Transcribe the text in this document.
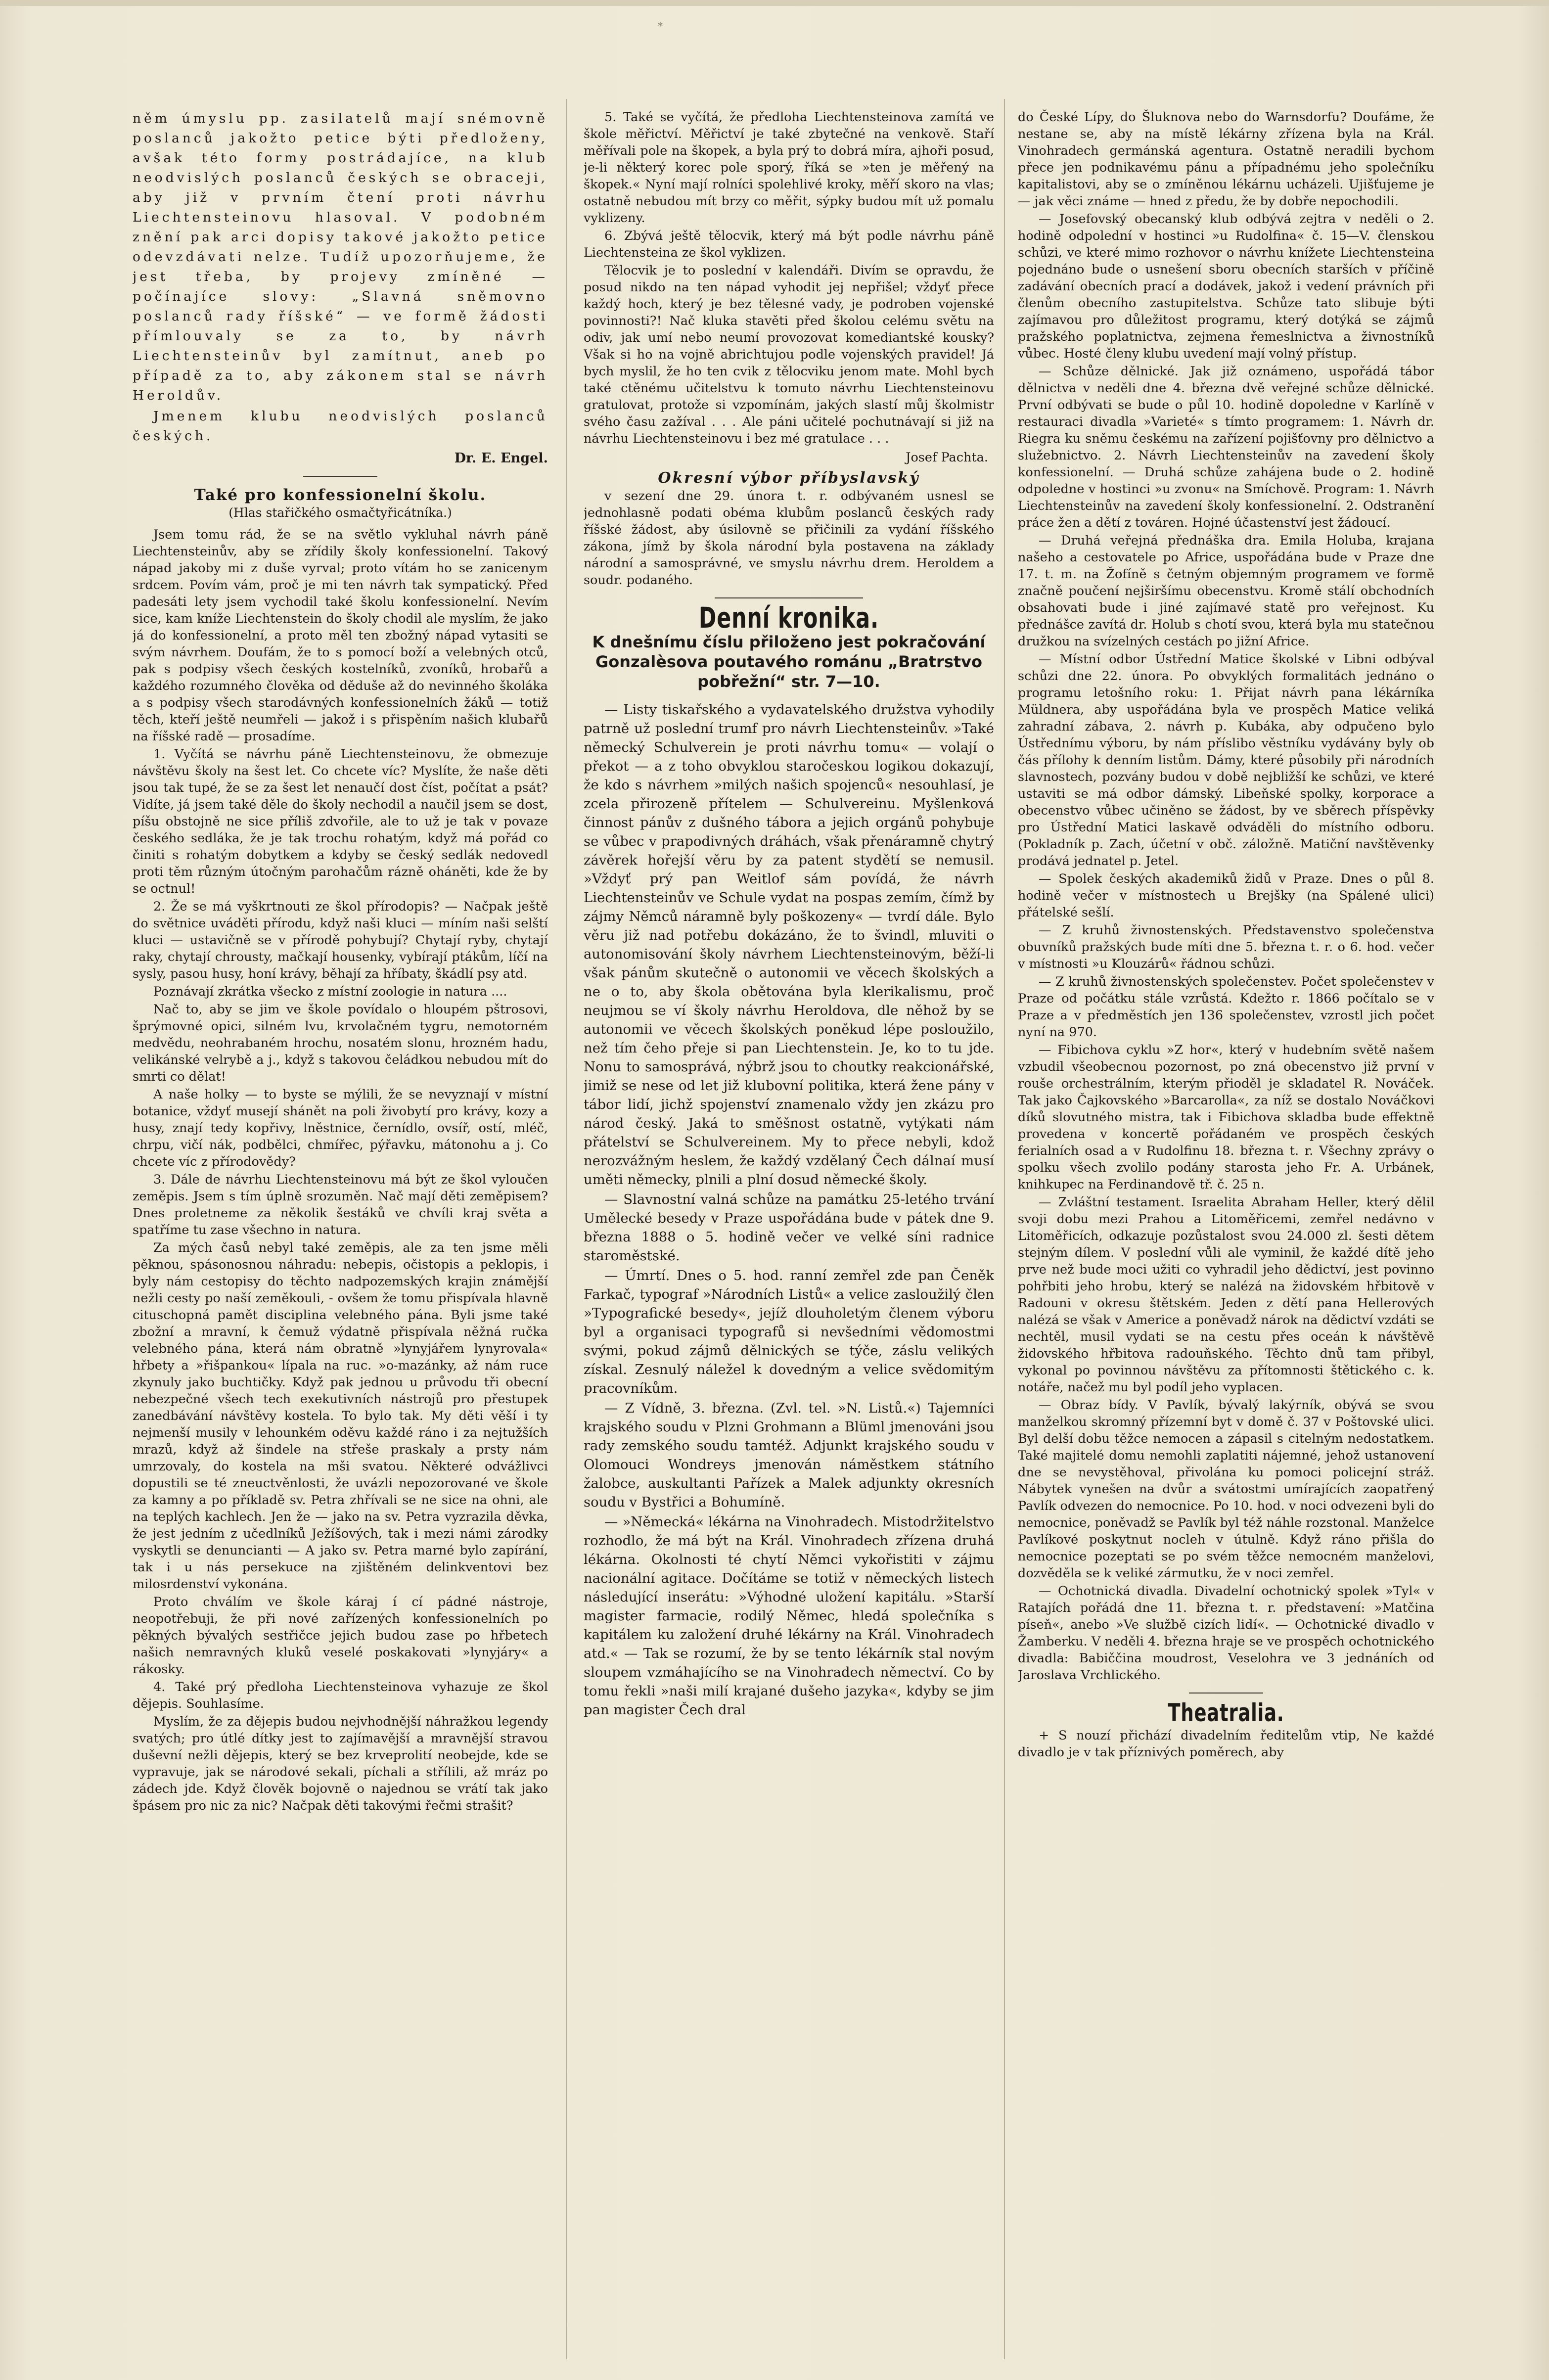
*

něm úmyslu pp. zasilatelů mají snémovně poslanců jakožto petice býti předloženy, avšak této formy postrádajíce, na klub neodvislých poslanců českých se obraceji, aby již v prvním čtení proti návrhu Liechtensteinovu hlasoval. V podobném znění pak arci dopisy takové jakožto petice odevzdávati nelze. Tudíž upozorňujeme, že jest třeba, by projevy zmíněné — počínajíce slovy: „Slavná sněmovno poslanců rady říšské“ — ve formě žádosti přímlouvaly se za to, by návrh Liechtensteinův byl zamítnut, aneb po případě za to, aby zákonem stal se návrh Heroldův.

Jmenem klubu neodvislých poslanců českých.

Dr. E. Engel.
Také pro konfessionelní školu.
(Hlas stařičkého osmačtyřicátníka.)

Jsem tomu rád, že se na světlo vykluhal návrh páně Liechtensteinův, aby se zřídily školy konfessionelní. Takový nápad jakoby mi z duše vyrval; proto vítám ho se zanicenym srdcem. Povím vám, proč je mi ten návrh tak sympatický. Před padesáti lety jsem vychodil také školu konfessionelní. Nevím sice, kam kníže Liechtenstein do školy chodil ale myslím, že jako já do konfessionelní, a proto měl ten zbožný nápad vytasiti se svým návrhem. Doufám, že to s pomocí boží a velebných otců, pak s podpisy všech českých kostelníků, zvoníků, hrobařů a každého rozumného člověka od děduše až do nevinného školáka a s podpisy všech starodávných konfessionelních žáků — totiž těch, kteří ještě neumřeli — jakož i s přispěním našich klubařů na říšské radě — prosadíme.

1. Vyčítá se návrhu páně Liechtensteinovu, že obmezuje návštěvu školy na šest let. Co chcete víc? Myslíte, že naše děti jsou tak tupé, že se za šest let nenaučí dost číst, počítat a psát? Vidíte, já jsem také děle do školy nechodil a naučil jsem se dost, píšu obstojně ne sice příliš zdvořile, ale to už je tak v povaze českého sedláka, že je tak trochu rohatým, když má pořád co činiti s rohatým dobytkem a kdyby se český sedlák nedovedl proti těm různým útočným parohačům rázně oháněti, kde že by se octnul!

2. Že se má vyškrtnouti ze škol přírodopis? — Načpak ještě do světnice uváděti přírodu, když naši kluci — míním naši selští kluci — ustavičně se v přírodě pohybují? Chytají ryby, chytají raky, chytají chrousty, mačkají housenky, vybírají ptákům, líčí na sysly, pasou husy, honí krávy, běhají za hříbaty, škádlí psy atd.

Poznávají zkrátka všecko z místní zoologie in natura ....

Nač to, aby se jim ve škole povídalo o hloupém pštrosovi, šprýmovné opici, silném lvu, krvolačném tygru, nemotorném medvědu, neohrabaném hrochu, nosatém slonu, hrozném hadu, velikánské velrybě a j., když s takovou čeládkou nebudou mít do smrti co dělat!

A naše holky — to byste se mýlili, že se nevyznají v místní botanice, vždyť musejí shánět na poli živobytí pro krávy, kozy a husy, znají tedy kopřivy, lněstnice, černídlo, ovsíř, ostí, mléč, chrpu, vičí nák, podbělci, chmířec, pýřavku, mátonohu a j. Co chcete víc z přírodovědy?

3. Dále de návrhu Liechtensteinovu má být ze škol vyloučen zeměpis. Jsem s tím úplně srozuměn. Nač mají děti zeměpisem? Dnes proletneme za několik šestáků ve chvíli kraj světa a spatříme tu zase všechno in natura.

Za mých časů nebyl také zeměpis, ale za ten jsme měli pěknou, spásonosnou náhradu: nebepis, očistopis a peklopis, i byly nám cestopisy do těchto nadpozemských krajin známější nežli cesty po naší zeměkouli, - ovšem že tomu přispívala hlavně cituschopná pamět disciplina velebného pána. Byli jsme také zbožní a mravní, k čemuž výdatně přispívala něžná ručka velebného pána, která nám obratně »lynyjářem lynyrovala« hřbety a »řišpankou« lípala na ruc. »o-mazánky, až nám ruce zkynuly jako buchtičky. Když pak jednou u průvodu tři obecní nebezpečné všech tech exekutivních nástrojů pro přestupek zanedbávání návštěvy kostela. To bylo tak. My děti věší i ty nejmenší musily v lehounkém oděvu každé ráno i za nejtužších mrazů, když až šindele na střeše praskaly a prsty nám umrzovaly, do kostela na mši svatou. Některé odvážlivci dopustili se té zneuctvěnlosti, že uvázli nepozorované ve škole za kamny a po příkladě sv. Petra zhřívali se ne sice na ohni, ale na teplých kachlech. Jen že — jako na sv. Petra vyzrazila děvka, že jest jedním z učedlníků Ježíšových, tak i mezi námi zárodky vyskytli se denuncianti — A jako sv. Petra marné bylo zapírání, tak i u nás persekuce na zjištěném delinkventovi bez milosrdenství vykonána.

Proto chválím ve škole káraj í cí pádné nástroje, neopotřebuji, že při nové zařízených konfessionelních po pěkných bývalých sestřičce jejich budou zase po hřbetech našich nemravných kluků veselé poskakovati »lynyjáry« a rákosky.

4. Také prý předloha Liechtensteinova vyhazuje ze škol dějepis. Souhlasíme.

Myslím, že za dějepis budou nejvhodnější náhražkou legendy svatých; pro útlé dítky jest to zajímavější a mravnější stravou duševní nežli dějepis, který se bez krveprolití neobejde, kde se vypravuje, jak se národové sekali, píchali a střílili, až mráz po zádech jde. Když člověk bojovně o najednou se vrátí tak jako špásem pro nic za nic? Načpak děti takovými řečmi strašit?

5. Také se vyčítá, že předloha Liechtensteinova zamítá ve škole měřictví. Měřictví je také zbytečné na venkově. Staří měřívali pole na škopek, a byla prý to dobrá míra, ajhoři posud, je-li některý korec pole sporý, říká se »ten je měřený na škopek.« Nyní mají rolníci spolehlivé kroky, měří skoro na vlas; ostatně nebudou mít brzy co měřit, sýpky budou mít už pomalu vyklizeny.

6. Zbývá ještě tělocvik, který má být podle návrhu páně Liechtensteina ze škol vyklizen.

Tělocvik je to poslední v kalendáři. Divím se opravdu, že posud nikdo na ten nápad vyhodit jej nepřišel; vždyť přece každý hoch, který je bez tělesné vady, je podroben vojenské povinnosti?! Nač kluka stavěti před školou celému světu na odiv, jak umí nebo neumí provozovat komediantské kousky? Však si ho na vojně abrichtujou podle vojenských pravidel! Já bych myslil, že ho ten cvik z tělocviku jenom mate. Mohl bych také ctěnému učitelstvu k tomuto návrhu Liechtensteinovu gratulovat, protože si vzpomínám, jakých slastí můj školmistr svého času zažíval . . . Ale páni učitelé pochutnávají si již na návrhu Liechtensteinovu i bez mé gratulace . . .

Josef Pachta.
Okresní výbor příbyslavský

v sezení dne 29. února t. r. odbývaném usnesl se jednohlasně podati obéma klubům poslanců českých rady říšské žádost, aby úsilovně se přičinili za vydání říšského zákona, jímž by škola národní byla postavena na základy národní a samosprávné, ve smyslu návrhu drem. Heroldem a soudr. podaného.

Denní kronika.
K dnešnímu číslu přiloženo jest pokračování Gonzalèsova poutavého románu „Bratrstvo pobřežní“ str. 7—10.

— Listy tiskařského a vydavatelského družstva vyhodily patrně už poslední trumf pro návrh Liechtensteinův. »Také německý Schulverein je proti návrhu tomu« — volají o překot — a z toho obvyklou staročeskou logikou dokazují, že kdo s návrhem »milých našich spojenců« nesouhlasí, je zcela přirozeně přítelem — Schulvereinu. Myšlenková činnost pánův z dušného tábora a jejich orgánů pohybuje se vůbec v prapodivných dráhách, však přenáramně chytrý závěrek hořejší věru by za patent stydětí se nemusil. »Vždyť prý pan Weitlof sám povídá, že návrh Liechtensteinův ve Schule vydat na pospas zemím, čímž by zájmy Němců náramně byly poškozeny« — tvrdí dále. Bylo věru již nad potřebu dokázáno, že to švindl, mluviti o autonomisování školy návrhem Liechtensteinovým, běží-li však pánům skutečně o autonomii ve věcech školských a ne o to, aby škola obětována byla klerikalismu, proč neujmou se ví školy návrhu Heroldova, dle něhož by se autonomii ve věcech školských poněkud lépe posloužilo, než tím čeho přeje si pan Liechtenstein. Je, ko to tu jde. Nonu to samosprává, nýbrž jsou to choutky reakcionářské, jimiž se nese od let již klubovní politika, která žene pány v tábor lidí, jichž spojenství znamenalo vždy jen zkázu pro národ český. Jaká to směšnost ostatně, vytýkati nám přátelství se Schulvereinem. My to přece nebyli, kdož nerozvážným heslem, že každý vzdělaný Čech dálnaí musí uměti německy, plnili a plní dosud německé školy.

— Slavnostní valná schůze na památku 25-letého trvání Umělecké besedy v Praze uspořádána bude v pátek dne 9. března 1888 o 5. hodině večer ve velké síni radnice staroměstské.

— Úmrtí. Dnes o 5. hod. ranní zemřel zde pan Čeněk Farkač, typograf »Národních Listů« a velice zasloužilý člen »Typografické besedy«, jejíž dlouholetým členem výboru byl a organisaci typografů si nevšedními vědomostmi svými, pokud zájmů dělnických se týče, záslu velikých získal. Zesnulý náležel k dovedným a velice svědomitým pracovníkům.

— Z Vídně, 3. března. (Zvl. tel. »N. Listů.«) Tajemníci krajského soudu v Plzni Grohmann a Blüml jmenováni jsou rady zemského soudu tamtéž. Adjunkt krajského soudu v Olomouci Wondreys jmenován náměstkem státního žalobce, auskultanti Pařízek a Malek adjunkty okresních soudu v Bystřici a Bohumíně.

— »Německá« lékárna na Vinohradech. Mistodržitelstvo rozhodlo, že má být na Král. Vinohradech zřízena druhá lékárna. Okolnosti té chytí Němci vykořistiti v zájmu nacionální agitace. Dočítáme se totiž v německých listech následující inserátu: »Výhodné uložení kapitálu. »Starší magister farmacie, rodilý Němec, hledá společníka s kapitálem ku založení druhé lékárny na Král. Vinohradech atd.« — Tak se rozumí, že by se tento lékárník stal novým sloupem vzmáhajícího se na Vinohradech němectví. Co by tomu řekli »naši milí krajané dušeho jazyka«, kdyby se jim pan magister Čech dral

do České Lípy, do Šluknova nebo do Warnsdorfu? Doufáme, že nestane se, aby na místě lékárny zřízena byla na Král. Vinohradech germánská agentura. Ostatně neradili bychom přece jen podnikavému pánu a případnému jeho společníku kapitalistovi, aby se o zmíněnou lékárnu ucházeli. Ujišťujeme je — jak věci známe — hned z předu, že by dobře nepochodili.

— Josefovský obecanský klub odbývá zejtra v neděli o 2. hodině odpolední v hostinci »u Rudolfina« č. 15—V. členskou schůzi, ve které mimo rozhovor o návrhu knížete Liechtensteina pojednáno bude o usnešení sboru obecních starších v příčině zadávání obecních prací a dodávek, jakož i vedení právních při členům obecního zastupitelstva. Schůze tato slibuje býti zajímavou pro důležitost programu, který dotýká se zájmů pražského poplatnictva, zejmena řemeslnictva a živnostníků vůbec. Hosté členy klubu uvedení mají volný přístup.

— Schůze dělnické. Jak již oznámeno, uspořádá tábor dělnictva v neděli dne 4. března dvě veřejné schůze dělnické. První odbývati se bude o půl 10. hodině dopoledne v Karlíně v restauraci divadla »Varieté« s tímto programem: 1. Návrh dr. Riegra ku sněmu českému na zařízení pojišťovny pro dělnictvo a služebnictvo. 2. Návrh Liechtensteinův na zavedení školy konfessionelní. — Druhá schůze zahájena bude o 2. hodině odpoledne v hostinci »u zvonu« na Smíchově. Program: 1. Návrh Liechtensteinův na zavedení školy konfessionelní. 2. Odstranění práce žen a dětí z továren. Hojné účastenství jest žádoucí.

— Druhá veřejná přednáška dra. Emila Holuba, krajana našeho a cestovatele po Africe, uspořádána bude v Praze dne 17. t. m. na Žofíně s četným objemným programem ve formě značně poučení nejširšímu obecenstvu. Kromě stálí obchodních obsahovati bude i jiné zajímavé statě pro veřejnost. Ku přednášce zavítá dr. Holub s chotí svou, která byla mu statečnou družkou na svízelných cestách po jižní Africe.

— Místní odbor Ústřední Matice školské v Libni odbýval schůzi dne 22. února. Po obvyklých formalitách jednáno o programu letošního roku: 1. Přijat návrh pana lékárníka Müldnera, aby uspořádána byla ve prospěch Matice veliká zahradní zábava, 2. návrh p. Kubáka, aby odpučeno bylo Ústřednímu výboru, by nám příslibo věstníku vydávány byly ob čás přílohy k denním listům. Dámy, které působily při národních slavnostech, pozvány budou v době nejbližší ke schůzi, ve které ustaviti se má odbor dámský. Libeňské spolky, korporace a obecenstvo vůbec učiněno se žádost, by ve sběrech příspěvky pro Ústřední Matici laskavě odváděli do místního odboru. (Pokladník p. Zach, účetní v obč. záložně. Matiční navštěvenky prodává jednatel p. Jetel.

— Spolek českých akademiků židů v Praze. Dnes o půl 8. hodině večer v místnostech u Brejšky (na Spálené ulici) přátelské sešlí.

— Z kruhů živnostenských. Představenstvo společenstva obuvníků pražských bude míti dne 5. března t. r. o 6. hod. večer v místnosti »u Klouzárů« řádnou schůzi.

— Z kruhů živnostenských společenstev. Počet společenstev v Praze od počátku stále vzrůstá. Kdežto r. 1866 počítalo se v Praze a v předměstích jen 136 společenstev, vzrostl jich počet nyní na 970.

— Fibichova cyklu »Z hor«, který v hudebním světě našem vzbudil všeobecnou pozornost, po zná obecenstvo již první v rouše orchestrálním, kterým přioděl je skladatel R. Nováček. Tak jako Čajkovského »Barcarolla«, za níž se dostalo Nováčkovi díků slovutného mistra, tak i Fibichova skladba bude effektně provedena v koncertě pořádaném ve prospěch českých ferialních osad a v Rudolfinu 18. března t. r. Všechny zprávy o spolku všech zvolilo podány starosta jeho Fr. A. Urbánek, knihkupec na Ferdinandově tř. č. 25 n.

— Zvláštní testament. Israelita Abraham Heller, který dělil svoji dobu mezi Prahou a Litoměřicemi, zemřel nedávno v Litoměřicích, odkazuje pozůstalost svou 24.000 zl. šesti dětem stejným dílem. V poslední vůli ale vyminil, že každé dítě jeho prve než bude moci užiti co vyhradil jeho dědictví, jest povinno pohřbiti jeho hrobu, který se nalézá na židovském hřbitově v Radouni v okresu štětském. Jeden z dětí pana Hellerových nalézá se však v Americe a poněvadž nárok na dědictví vzdáti se nechtěl, musil vydati se na cestu přes oceán k návštěvě židovského hřbitova radouňského. Těchto dnů tam přibyl, vykonal po povinnou návštěvu za přítomnosti štětického c. k. notáře, načež mu byl podíl jeho vyplacen.

— Obraz bídy. V Pavlík, bývalý lakýrník, obývá se svou manželkou skromný přízemní byt v domě č. 37 v Poštovské ulici. Byl delší dobu těžce nemocen a zápasil s citelným nedostatkem. Také majitelé domu nemohli zaplatiti nájemné, jehož ustanovení dne se nevystěhoval, přivolána ku pomoci policejní stráž. Nábytek vynešen na dvůr a svátostmi umírajících zaopatřený Pavlík odvezen do nemocnice. Po 10. hod. v noci odvezeni byli do nemocnice, poněvadž se Pavlík byl též náhle rozstonal. Manželce Pavlíkové poskytnut nocleh v útulně. Když ráno přišla do nemocnice pozeptati se po svém těžce nemocném manželovi, dozvěděla se k veliké zármutku, že v noci zemřel.

— Ochotnická divadla. Divadelní ochotnický spolek »Tyl« v Ratajích pořádá dne 11. března t. r. představení: »Matčina píseň«, anebo »Ve službě cizích lidí«. — Ochotnické divadlo v Žamberku. V neděli 4. března hraje se ve prospěch ochotnického divadla: Babiččina moudrost, Veselohra ve 3 jednáních od Jaroslava Vrchlického.

Theatralia.

+ S nouzí přichází divadelním ředitelům vtip, Ne každé divadlo je v tak příznivých poměrech, aby
